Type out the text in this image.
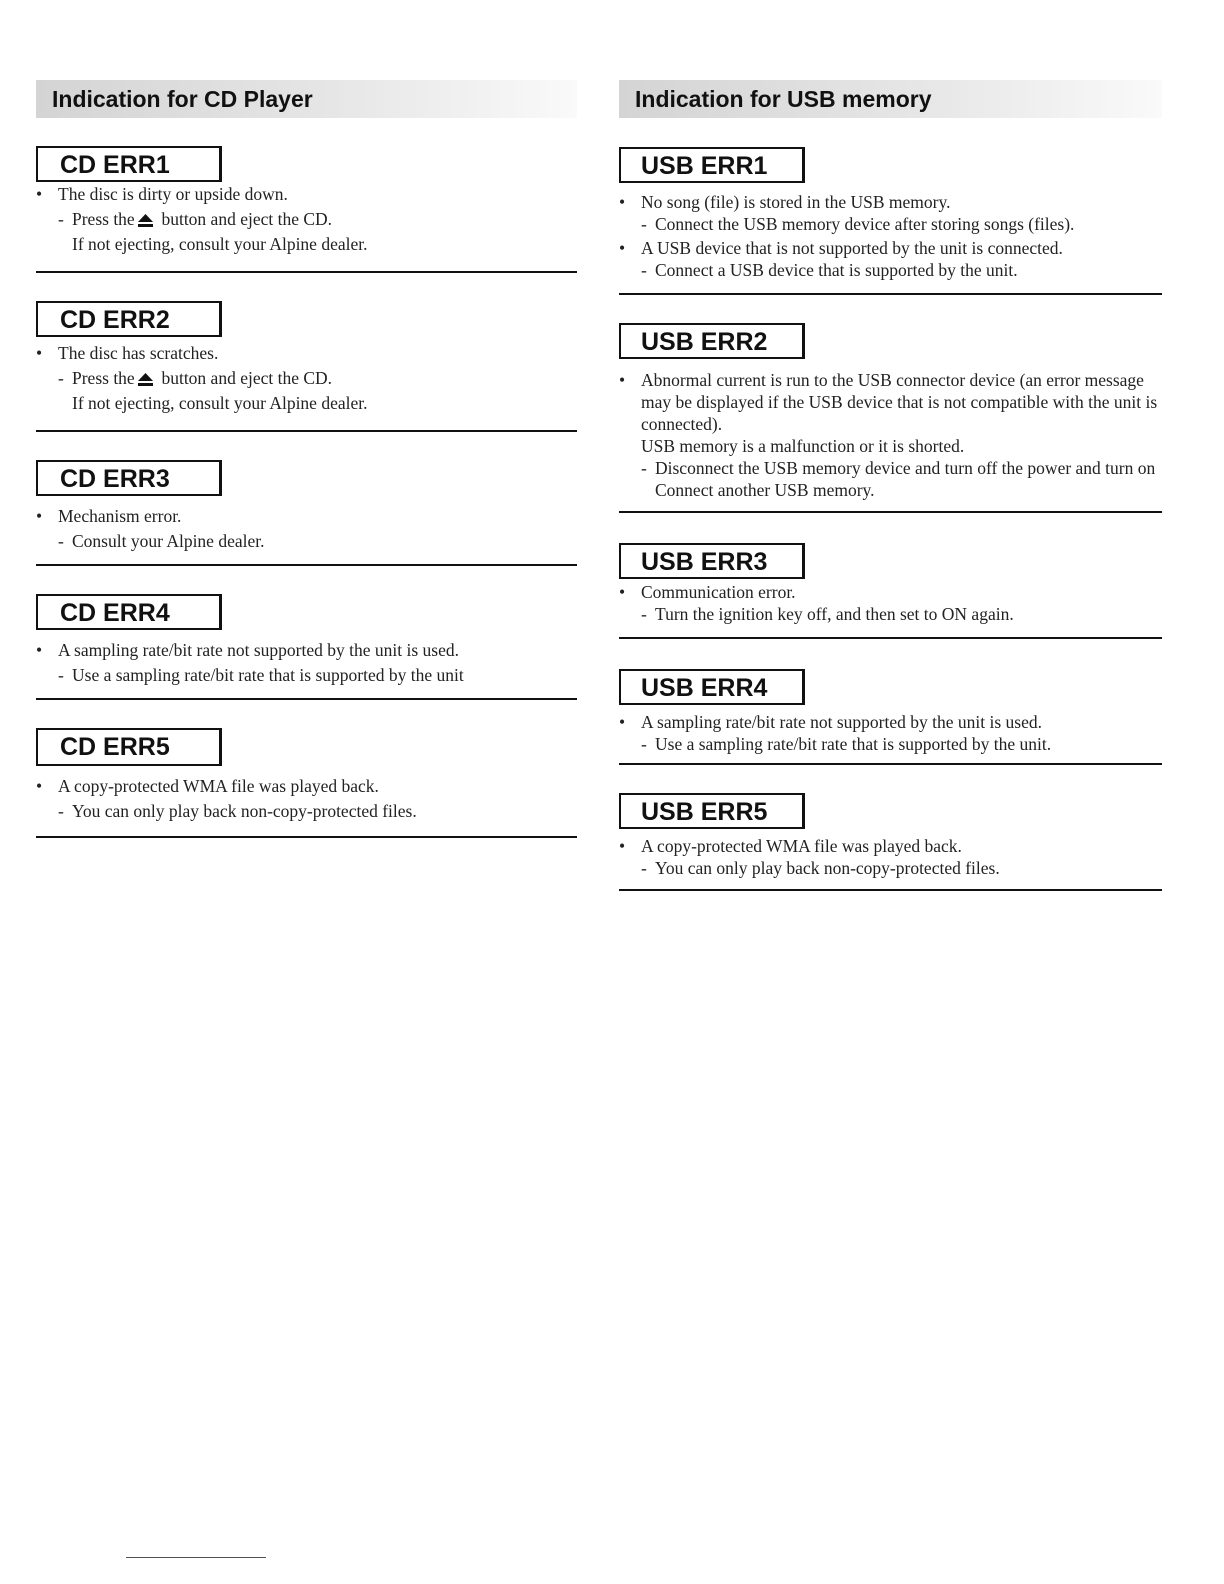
Indication for CD Player
CD ERR1
• The disc is dirty or upside down.
- Press the button and eject the CD.
If not ejecting, consult your Alpine dealer.
CD ERR2
• The disc has scratches.
- Press the button and eject the CD.
If not ejecting, consult your Alpine dealer.
CD ERR3
• Mechanism error.
- Consult your Alpine dealer.
CD ERR4
• A sampling rate/bit rate not supported by the unit is used.
- Use a sampling rate/bit rate that is supported by the unit
CD ERR5
• A copy-protected WMA file was played back.
- You can only play back non-copy-protected files.
Indication for USB memory
USB ERR1
• No song (file) is stored in the USB memory.
- Connect the USB memory device after storing songs (files).
• A USB device that is not supported by the unit is connected.
- Connect a USB device that is supported by the unit.
USB ERR2
• Abnormal current is run to the USB connector device (an error message may be displayed if the USB device that is not compatible with the unit is connected).
USB memory is a malfunction or it is shorted.
- Disconnect the USB memory device and turn off the power and turn on Connect another USB memory.
USB ERR3
• Communication error.
- Turn the ignition key off, and then set to ON again.
USB ERR4
• A sampling rate/bit rate not supported by the unit is used.
- Use a sampling rate/bit rate that is supported by the unit.
USB ERR5
• A copy-protected WMA file was played back.
- You can only play back non-copy-protected files.
